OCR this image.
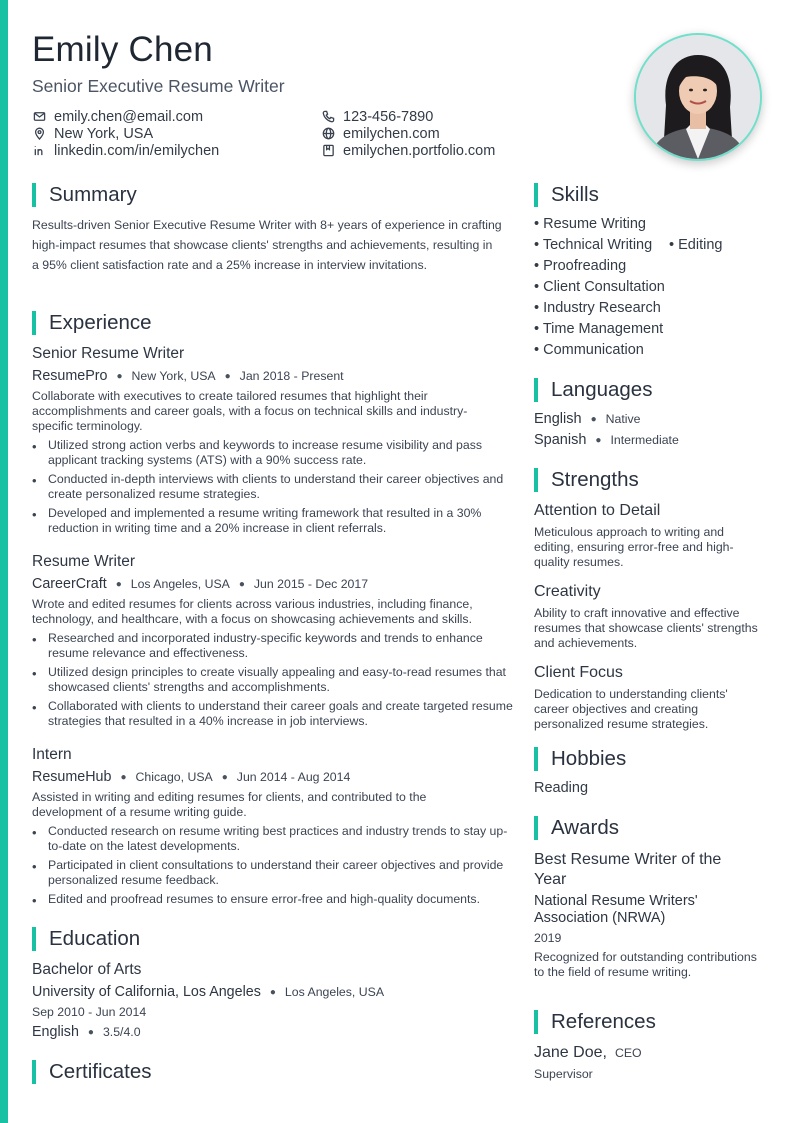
Emily Chen
Senior Executive Resume Writer
emily.chen@email.com
New York, USA
linkedin.com/in/emilychen
123-456-7890
emilychen.com
emilychen.portfolio.com
Summary
Results-driven Senior Executive Resume Writer with 8+ years of experience in crafting high-impact resumes that showcase clients' strengths and achievements, resulting in a 95% client satisfaction rate and a 25% increase in interview invitations.
Experience
Senior Resume Writer
ResumePro ● New York, USA ● Jan 2018 - Present
Collaborate with executives to create tailored resumes that highlight their accomplishments and career goals, with a focus on technical skills and industry-specific terminology.
• Utilized strong action verbs and keywords to increase resume visibility and pass applicant tracking systems (ATS) with a 90% success rate.
• Conducted in-depth interviews with clients to understand their career objectives and create personalized resume strategies.
• Developed and implemented a resume writing framework that resulted in a 30% reduction in writing time and a 20% increase in client referrals.
Resume Writer
CareerCraft ● Los Angeles, USA ● Jun 2015 - Dec 2017
Wrote and edited resumes for clients across various industries, including finance, technology, and healthcare, with a focus on showcasing achievements and skills.
• Researched and incorporated industry-specific keywords and trends to enhance resume relevance and effectiveness.
• Utilized design principles to create visually appealing and easy-to-read resumes that showcased clients' strengths and accomplishments.
• Collaborated with clients to understand their career goals and create targeted resume strategies that resulted in a 40% increase in job interviews.
Intern
ResumeHub ● Chicago, USA ● Jun 2014 - Aug 2014
Assisted in writing and editing resumes for clients, and contributed to the development of a resume writing guide.
• Conducted research on resume writing best practices and industry trends to stay up-to-date on the latest developments.
• Participated in client consultations to understand their career objectives and provide personalized resume feedback.
• Edited and proofread resumes to ensure error-free and high-quality documents.
Education
Bachelor of Arts
University of California, Los Angeles ● Los Angeles, USA
Sep 2010 - Jun 2014
English ● 3.5/4.0
Certificates
Skills
• Resume Writing
• Technical Writing • Editing
• Proofreading
• Client Consultation
• Industry Research
• Time Management
• Communication
Languages
English ● Native
Spanish ● Intermediate
Strengths
Attention to Detail
Meticulous approach to writing and editing, ensuring error-free and high-quality resumes.
Creativity
Ability to craft innovative and effective resumes that showcase clients' strengths and achievements.
Client Focus
Dedication to understanding clients' career objectives and creating personalized resume strategies.
Hobbies
Reading
Awards
Best Resume Writer of the Year
National Resume Writers' Association (NRWA)
2019
Recognized for outstanding contributions to the field of resume writing.
References
Jane Doe, CEO
Supervisor
